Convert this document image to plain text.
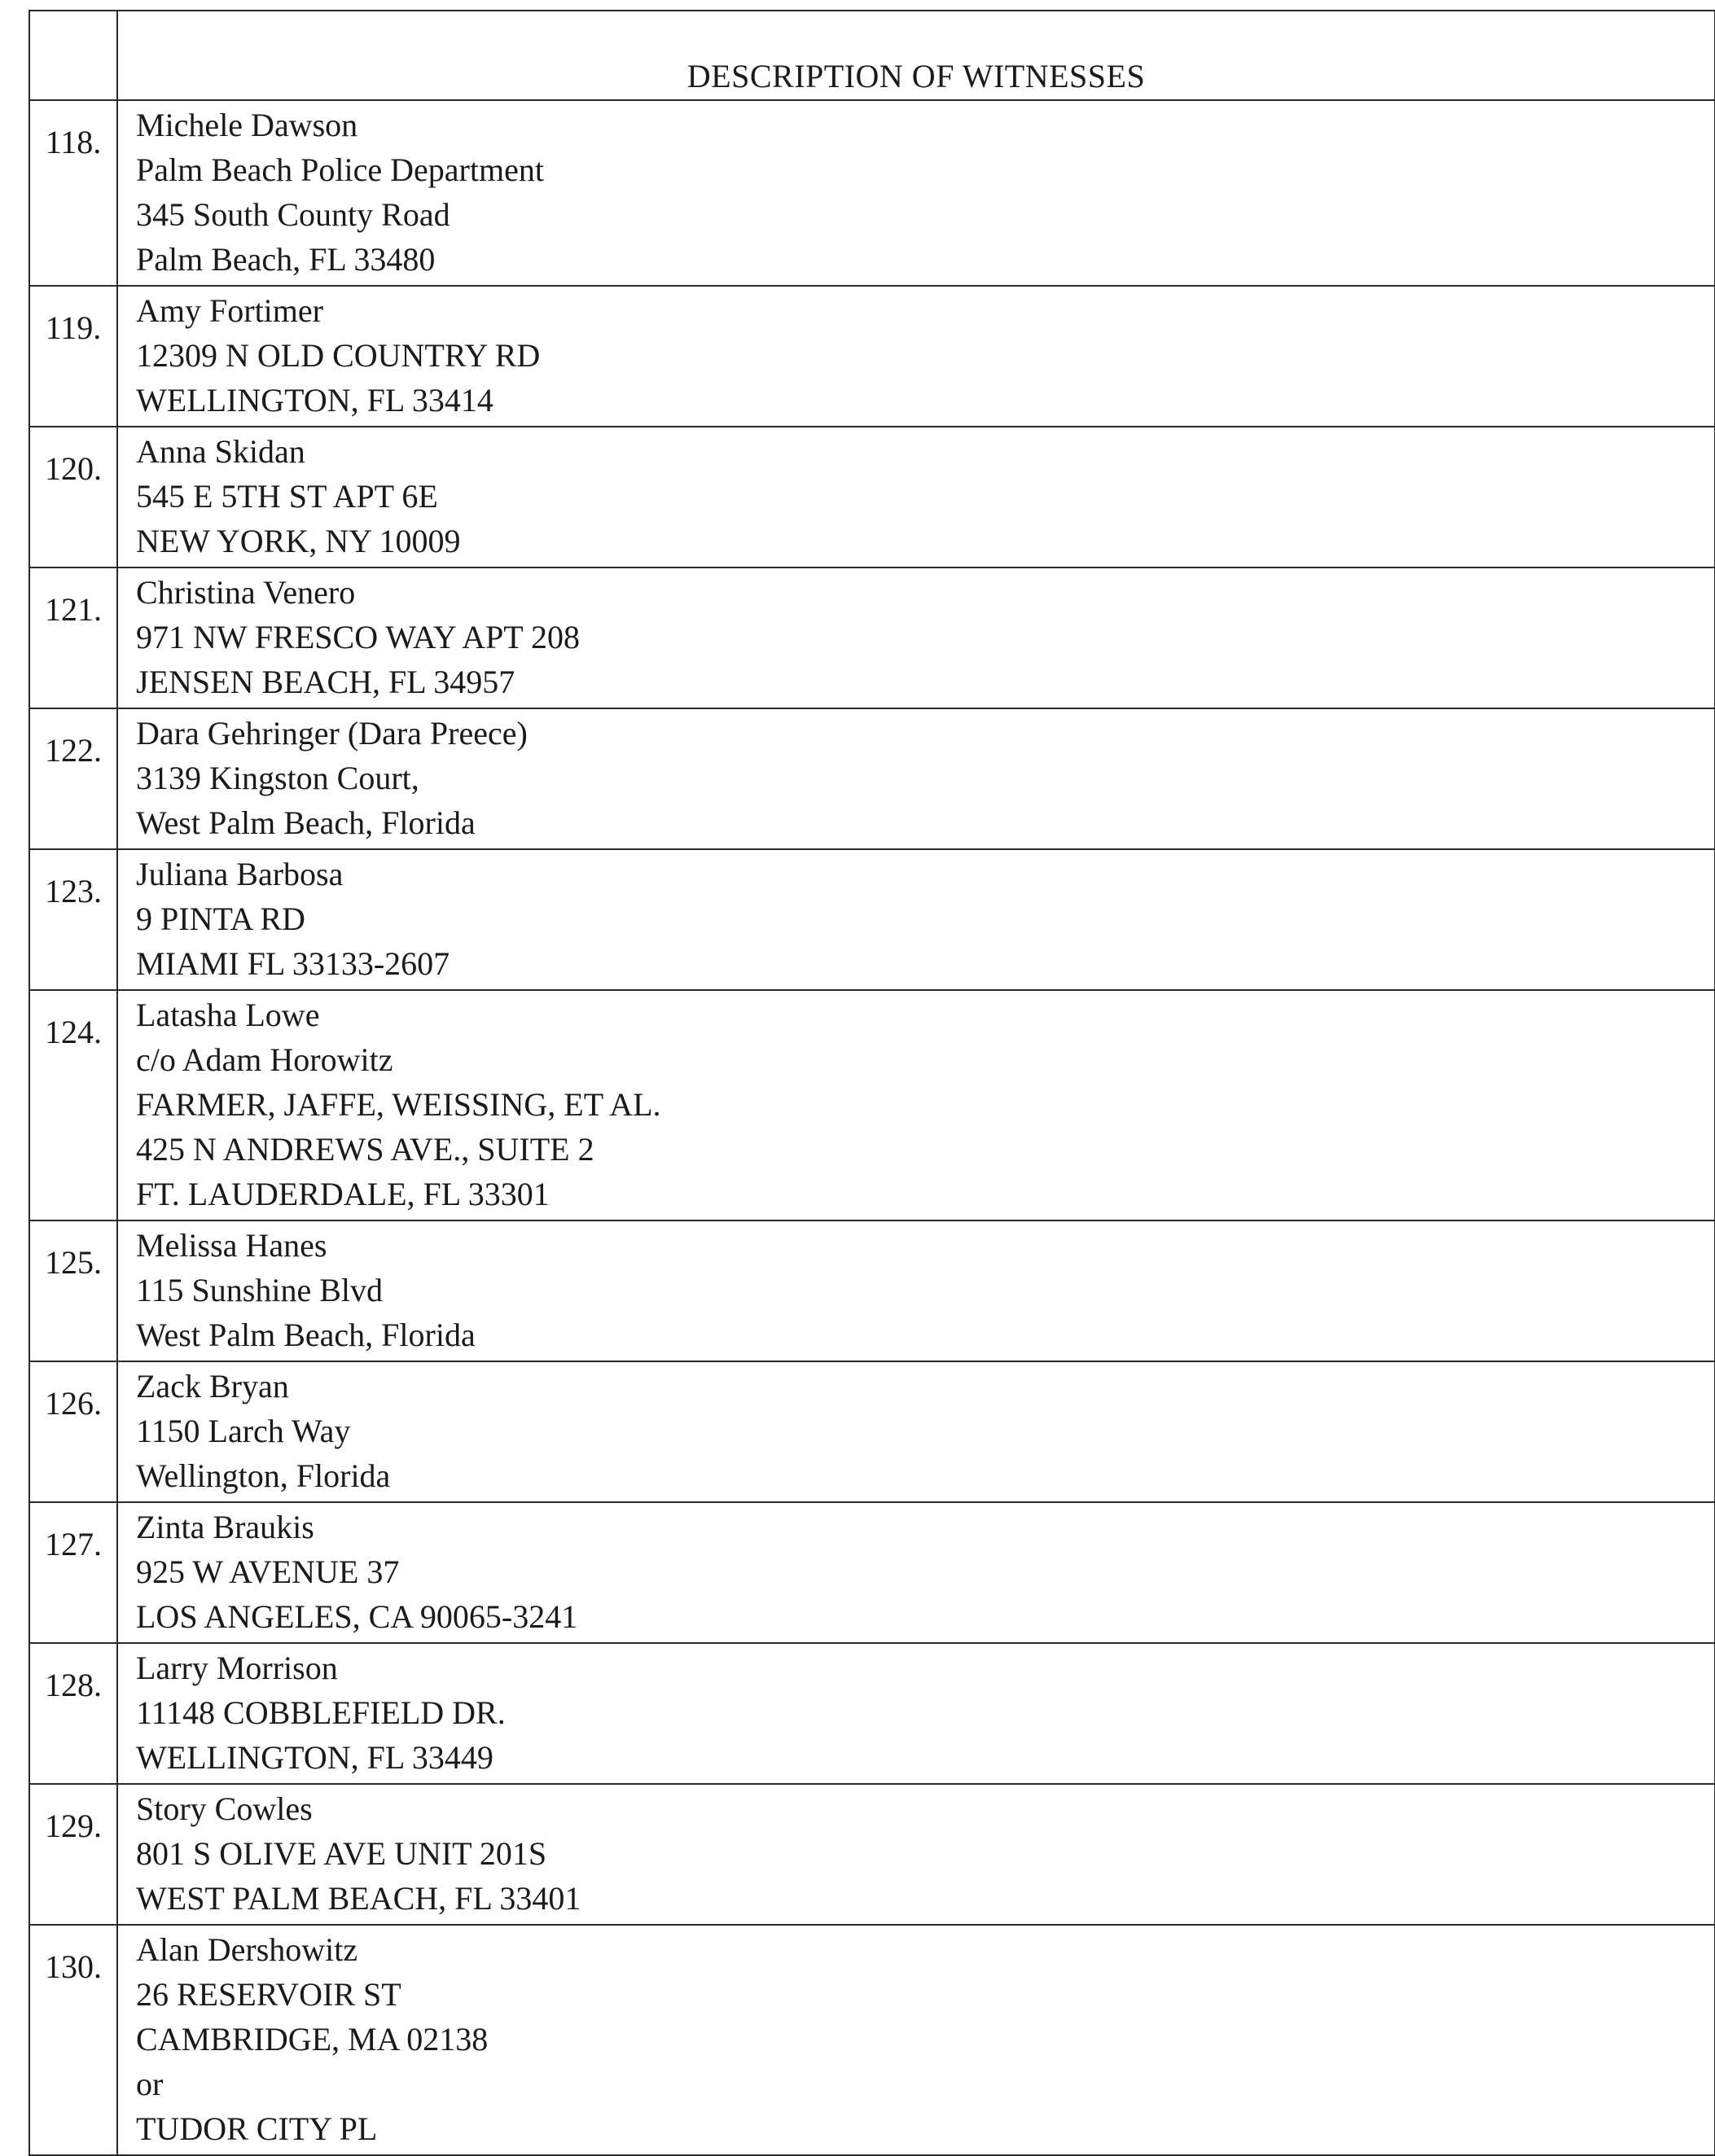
	DESCRIPTION OF WITNESSES
118.	Michele Dawson
Palm Beach Police Department
345 South County Road
Palm Beach, FL 33480

119.	Amy Fortimer
12309 N OLD COUNTRY RD
WELLINGTON, FL 33414

120.	Anna Skidan
545 E 5TH ST APT 6E
NEW YORK, NY 10009

121.	Christina Venero
971 NW FRESCO WAY APT 208
JENSEN BEACH, FL 34957

122.	Dara Gehringer (Dara Preece)
3139 Kingston Court,
West Palm Beach, Florida

123.	Juliana Barbosa
9 PINTA RD
MIAMI FL 33133-2607

124.	Latasha Lowe
c/o Adam Horowitz
FARMER, JAFFE, WEISSING, ET AL.
425 N ANDREWS AVE., SUITE 2
FT. LAUDERDALE, FL 33301

125.	Melissa Hanes
115 Sunshine Blvd
West Palm Beach, Florida

126.	Zack Bryan
1150 Larch Way
Wellington, Florida

127.	Zinta Braukis
925 W AVENUE 37
LOS ANGELES, CA 90065-3241

128.	Larry Morrison
11148 COBBLEFIELD DR.
WELLINGTON, FL 33449

129.	Story Cowles
801 S OLIVE AVE UNIT 201S
WEST PALM BEACH, FL 33401

130.	Alan Dershowitz
26 RESERVOIR ST
CAMBRIDGE, MA 02138
or
TUDOR CITY PL
